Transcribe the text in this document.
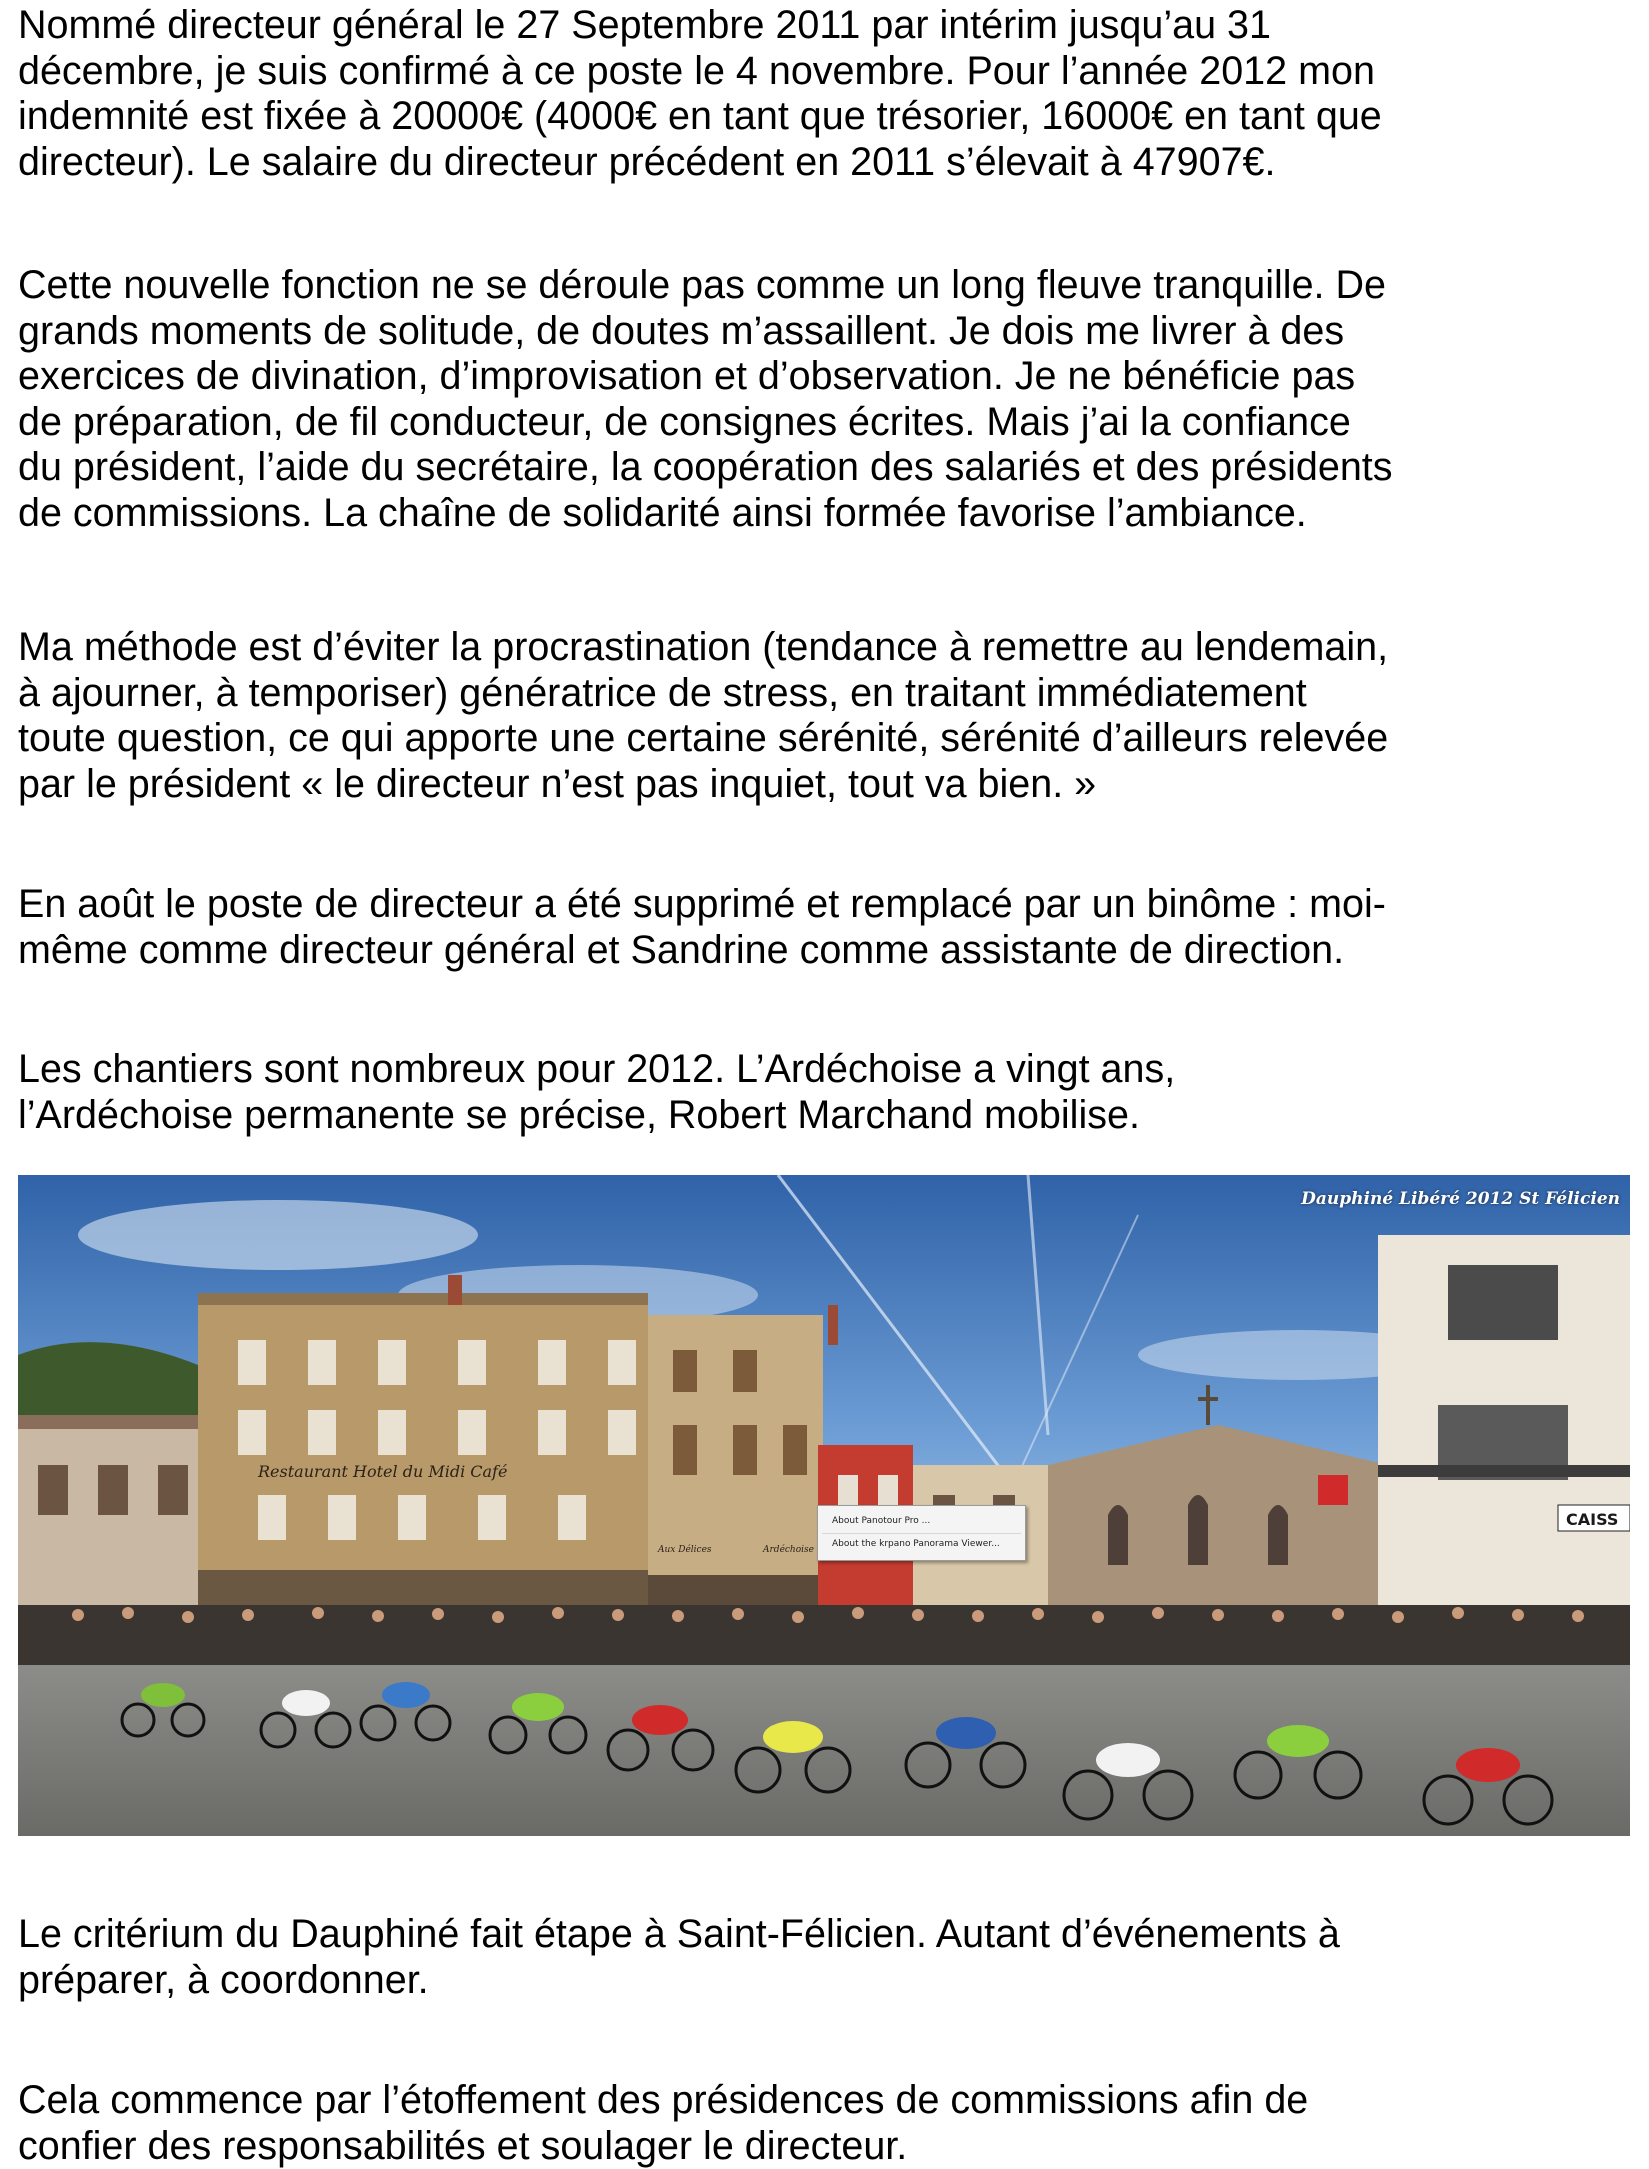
Nommé directeur général le 27 Septembre 2011 par intérim jusqu’au 31
décembre, je suis confirmé à ce poste le 4 novembre. Pour l’année 2012 mon
indemnité est fixée à 20000€ (4000€ en tant que trésorier, 16000€ en tant que
directeur). Le salaire du directeur précédent en 2011 s’élevait à 47907€.

Cette nouvelle fonction ne se déroule pas comme un long fleuve tranquille. De
grands moments de solitude, de doutes m’assaillent. Je dois me livrer à des
exercices de divination, d’improvisation et d’observation. Je ne bénéficie pas
de préparation, de fil conducteur, de consignes écrites. Mais j’ai la confiance
du président, l’aide du secrétaire, la coopération des salariés et des présidents
de commissions. La chaîne de solidarité ainsi formée favorise l’ambiance.

Ma méthode est d’éviter la procrastination (tendance à remettre au lendemain,
à ajourner, à temporiser) génératrice de stress, en traitant immédiatement
toute question, ce qui apporte une certaine sérénité, sérénité d’ailleurs relevée
par le président « le directeur n’est pas inquiet, tout va bien. »

En août le poste de directeur a été supprimé et remplacé par un binôme : moi-
même comme directeur général et Sandrine comme assistante de direction.

Les chantiers sont nombreux pour 2012. L’Ardéchoise a vingt ans,
l’Ardéchoise permanente se précise, Robert Marchand mobilise.

Restaurant Hotel du Midi Café
Aux Délices	Ardéchoise
CAISS
Dauphiné Libéré 2012 St Félicien
About Panotour Pro ...
About the krpano Panorama Viewer...

Le critérium du Dauphiné fait étape à Saint-Félicien. Autant d’événements à
préparer, à coordonner.

Cela commence par l’étoffement des présidences de commissions afin de
confier des responsabilités et soulager le directeur.
